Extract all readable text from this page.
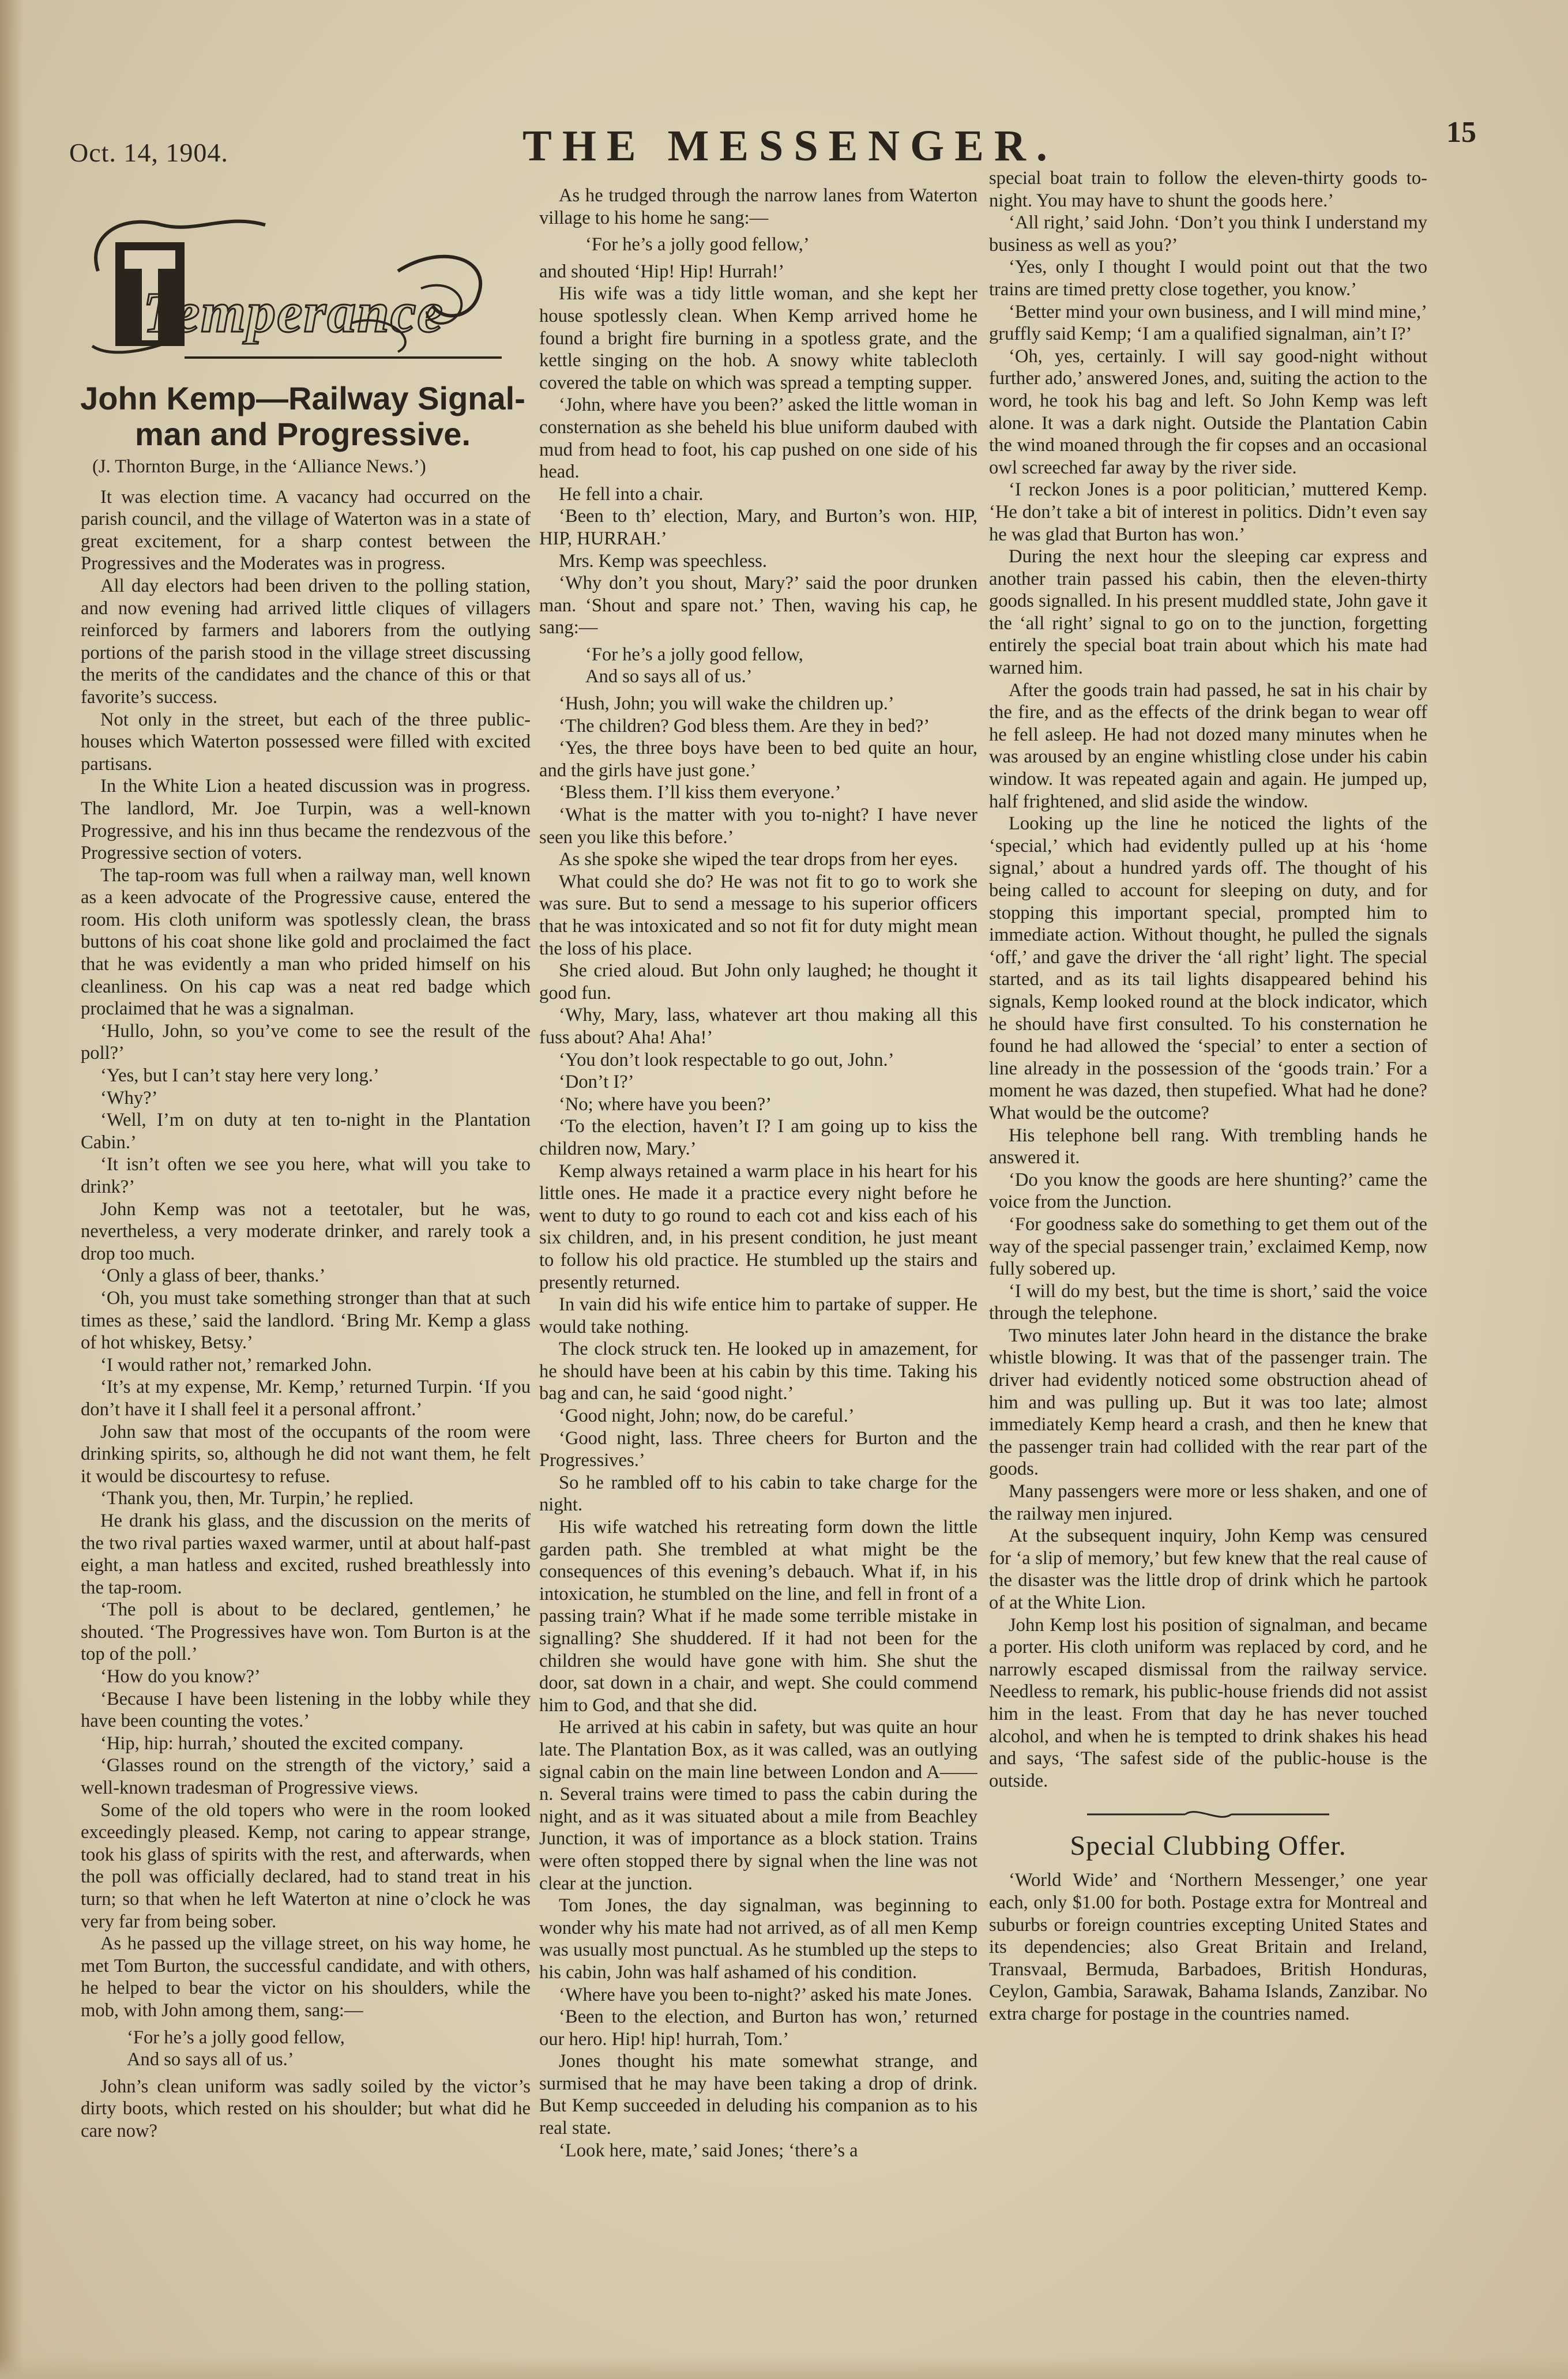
Oct. 14, 1904.	THE MESSENGER.	15
Temperance
John Kemp—Railway Signal-
man and Progressive.

(J. Thornton Burge, in the ‘Alliance News.’)

It was election time. A vacancy had occurred on the parish council, and the village of Waterton was in a state of great excitement, for a sharp contest between the Progressives and the Moderates was in progress.

All day electors had been driven to the polling station, and now evening had arrived little cliques of villagers reinforced by farmers and laborers from the outlying portions of the parish stood in the village street discussing the merits of the candidates and the chance of this or that favorite’s success.

Not only in the street, but each of the three public-houses which Waterton possessed were filled with excited partisans.

In the White Lion a heated discussion was in progress. The landlord, Mr. Joe Turpin, was a well-known Progressive, and his inn thus became the rendezvous of the Progressive section of voters.

The tap-room was full when a railway man, well known as a keen advocate of the Progressive cause, entered the room. His cloth uniform was spotlessly clean, the brass buttons of his coat shone like gold and proclaimed the fact that he was evidently a man who prided himself on his cleanliness. On his cap was a neat red badge which proclaimed that he was a signalman.

‘Hullo, John, so you’ve come to see the result of the poll?’

‘Yes, but I can’t stay here very long.’

‘Why?’

‘Well, I’m on duty at ten to-night in the Plantation Cabin.’

‘It isn’t often we see you here, what will you take to drink?’

John Kemp was not a teetotaler, but he was, nevertheless, a very moderate drinker, and rarely took a drop too much.

‘Only a glass of beer, thanks.’

‘Oh, you must take something stronger than that at such times as these,’ said the landlord. ‘Bring Mr. Kemp a glass of hot whiskey, Betsy.’

‘I would rather not,’ remarked John.

‘It’s at my expense, Mr. Kemp,’ returned Turpin. ‘If you don’t have it I shall feel it a personal affront.’

John saw that most of the occupants of the room were drinking spirits, so, although he did not want them, he felt it would be discourtesy to refuse.

‘Thank you, then, Mr. Turpin,’ he replied.

He drank his glass, and the discussion on the merits of the two rival parties waxed warmer, until at about half-past eight, a man hatless and excited, rushed breathlessly into the tap-room.

‘The poll is about to be declared, gentlemen,’ he shouted. ‘The Progressives have won. Tom Burton is at the top of the poll.’

‘How do you know?’

‘Because I have been listening in the lobby while they have been counting the votes.’

‘Hip, hip: hurrah,’ shouted the excited company.

‘Glasses round on the strength of the victory,’ said a well-known tradesman of Progressive views.

Some of the old topers who were in the room looked exceedingly pleased. Kemp, not caring to appear strange, took his glass of spirits with the rest, and afterwards, when the poll was officially declared, had to stand treat in his turn; so that when he left Waterton at nine o’clock he was very far from being sober.

As he passed up the village street, on his way home, he met Tom Burton, the successful candidate, and with others, he helped to bear the victor on his shoulders, while the mob, with John among them, sang:—

‘For he’s a jolly good fellow,

And so says all of us.’

John’s clean uniform was sadly soiled by the victor’s dirty boots, which rested on his shoulder; but what did he care now?

As he trudged through the narrow lanes from Waterton village to his home he sang:—

‘For he’s a jolly good fellow,’

and shouted ‘Hip! Hip! Hurrah!’

His wife was a tidy little woman, and she kept her house spotlessly clean. When Kemp arrived home he found a bright fire burning in a spotless grate, and the kettle singing on the hob. A snowy white tablecloth covered the table on which was spread a tempting supper.

‘John, where have you been?’ asked the little woman in consternation as she beheld his blue uniform daubed with mud from head to foot, his cap pushed on one side of his head.

He fell into a chair.

‘Been to th’ election, Mary, and Burton’s won. HIP, HIP, HURRAH.’

Mrs. Kemp was speechless.

‘Why don’t you shout, Mary?’ said the poor drunken man. ‘Shout and spare not.’ Then, waving his cap, he sang:—

‘For he’s a jolly good fellow,

And so says all of us.’

‘Hush, John; you will wake the children up.’

‘The children? God bless them. Are they in bed?’

‘Yes, the three boys have been to bed quite an hour, and the girls have just gone.’

‘Bless them. I’ll kiss them everyone.’

‘What is the matter with you to-night? I have never seen you like this before.’

As she spoke she wiped the tear drops from her eyes.

What could she do? He was not fit to go to work she was sure. But to send a message to his superior officers that he was intoxicated and so not fit for duty might mean the loss of his place.

She cried aloud. But John only laughed; he thought it good fun.

‘Why, Mary, lass, whatever art thou making all this fuss about? Aha! Aha!’

‘You don’t look respectable to go out, John.’

‘Don’t I?’

‘No; where have you been?’

‘To the election, haven’t I? I am going up to kiss the children now, Mary.’

Kemp always retained a warm place in his heart for his little ones. He made it a practice every night before he went to duty to go round to each cot and kiss each of his six children, and, in his present condition, he just meant to follow his old practice. He stumbled up the stairs and presently returned.

In vain did his wife entice him to partake of supper. He would take nothing.

The clock struck ten. He looked up in amazement, for he should have been at his cabin by this time. Taking his bag and can, he said ‘good night.’

‘Good night, John; now, do be careful.’

‘Good night, lass. Three cheers for Burton and the Progressives.’

So he rambled off to his cabin to take charge for the night.

His wife watched his retreating form down the little garden path. She trembled at what might be the consequences of this evening’s debauch. What if, in his intoxication, he stumbled on the line, and fell in front of a passing train? What if he made some terrible mistake in signalling? She shuddered. If it had not been for the children she would have gone with him. She shut the door, sat down in a chair, and wept. She could commend him to God, and that she did.

He arrived at his cabin in safety, but was quite an hour late. The Plantation Box, as it was called, was an outlying signal cabin on the main line between London and A——n. Several trains were timed to pass the cabin during the night, and as it was situated about a mile from Beachley Junction, it was of importance as a block station. Trains were often stopped there by signal when the line was not clear at the junction.

Tom Jones, the day signalman, was beginning to wonder why his mate had not arrived, as of all men Kemp was usually most punctual. As he stumbled up the steps to his cabin, John was half ashamed of his condition.

‘Where have you been to-night?’ asked his mate Jones.

‘Been to the election, and Burton has won,’ returned our hero. Hip! hip! hurrah, Tom.’

Jones thought his mate somewhat strange, and surmised that he may have been taking a drop of drink. But Kemp succeeded in deluding his companion as to his real state.

‘Look here, mate,’ said Jones; ‘there’s a

special boat train to follow the eleven-thirty goods to-night. You may have to shunt the goods here.’

‘All right,’ said John. ‘Don’t you think I understand my business as well as you?’

‘Yes, only I thought I would point out that the two trains are timed pretty close together, you know.’

‘Better mind your own business, and I will mind mine,’ gruffly said Kemp; ‘I am a qualified signalman, ain’t I?’

‘Oh, yes, certainly. I will say good-night without further ado,’ answered Jones, and, suiting the action to the word, he took his bag and left. So John Kemp was left alone. It was a dark night. Outside the Plantation Cabin the wind moaned through the fir copses and an occasional owl screeched far away by the river side.

‘I reckon Jones is a poor politician,’ muttered Kemp. ‘He don’t take a bit of interest in politics. Didn’t even say he was glad that Burton has won.’

During the next hour the sleeping car express and another train passed his cabin, then the eleven-thirty goods signalled. In his present muddled state, John gave it the ‘all right’ signal to go on to the junction, forgetting entirely the special boat train about which his mate had warned him.

After the goods train had passed, he sat in his chair by the fire, and as the effects of the drink began to wear off he fell asleep. He had not dozed many minutes when he was aroused by an engine whistling close under his cabin window. It was repeated again and again. He jumped up, half frightened, and slid aside the window.

Looking up the line he noticed the lights of the ‘special,’ which had evidently pulled up at his ‘home signal,’ about a hundred yards off. The thought of his being called to account for sleeping on duty, and for stopping this important special, prompted him to immediate action. Without thought, he pulled the signals ‘off,’ and gave the driver the ‘all right’ light. The special started, and as its tail lights disappeared behind his signals, Kemp looked round at the block indicator, which he should have first consulted. To his consternation he found he had allowed the ‘special’ to enter a section of line already in the possession of the ‘goods train.’ For a moment he was dazed, then stupefied. What had he done? What would be the outcome?

His telephone bell rang. With trembling hands he answered it.

‘Do you know the goods are here shunting?’ came the voice from the Junction.

‘For goodness sake do something to get them out of the way of the special passenger train,’ exclaimed Kemp, now fully sobered up.

‘I will do my best, but the time is short,’ said the voice through the telephone.

Two minutes later John heard in the distance the brake whistle blowing. It was that of the passenger train. The driver had evidently noticed some obstruction ahead of him and was pulling up. But it was too late; almost immediately Kemp heard a crash, and then he knew that the passenger train had collided with the rear part of the goods.

Many passengers were more or less shaken, and one of the railway men injured.

At the subsequent inquiry, John Kemp was censured for ‘a slip of memory,’ but few knew that the real cause of the disaster was the little drop of drink which he partook of at the White Lion.

John Kemp lost his position of signalman, and became a porter. His cloth uniform was replaced by cord, and he narrowly escaped dismissal from the railway service. Needless to remark, his public-house friends did not assist him in the least. From that day he has never touched alcohol, and when he is tempted to drink shakes his head and says, ‘The safest side of the public-house is the outside.

Special Clubbing Offer.

‘World Wide’ and ‘Northern Messenger,’ one year each, only $1.00 for both. Postage extra for Montreal and suburbs or foreign countries excepting United States and its dependencies; also Great Britain and Ireland, Transvaal, Bermuda, Barbadoes, British Honduras, Ceylon, Gambia, Sarawak, Bahama Islands, Zanzibar. No extra charge for postage in the countries named.
